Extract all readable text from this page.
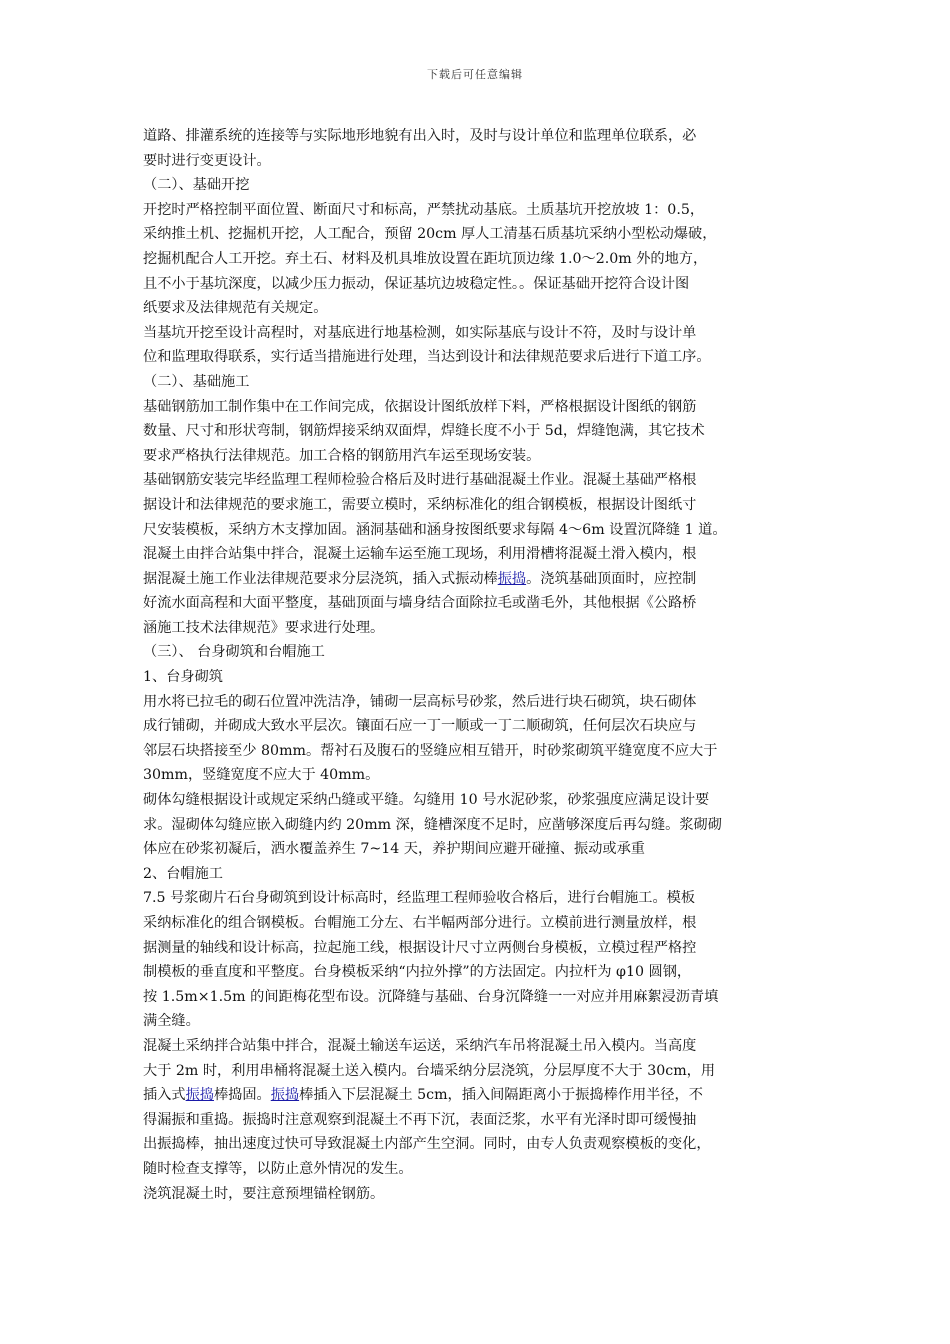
下载后可任意编辑
道路、排灌系统的连接等与实际地形地貌有出入时，及时与设计单位和监理单位联系，必
要时进行变更设计。
（二）、基础开挖
开挖时严格控制平面位置、断面尺寸和标高，严禁扰动基底。土质基坑开挖放坡 1：0.5，
采纳推土机、挖掘机开挖，人工配合，预留 20cm 厚人工清基石质基坑采纳小型松动爆破，
挖掘机配合人工开挖。弃土石、材料及机具堆放设置在距坑顶边缘 1.0～2.0m 外的地方，
且不小于基坑深度，以减少压力振动，保证基坑边坡稳定性。。保证基础开挖符合设计图
纸要求及法律规范有关规定。
当基坑开挖至设计高程时，对基底进行地基检测，如实际基底与设计不符，及时与设计单
位和监理取得联系，实行适当措施进行处理，当达到设计和法律规范要求后进行下道工序。
（二）、基础施工
基础钢筋加工制作集中在工作间完成，依据设计图纸放样下料，严格根据设计图纸的钢筋
数量、尺寸和形状弯制，钢筋焊接采纳双面焊，焊缝长度不小于 5d，焊缝饱满，其它技术
要求严格执行法律规范。加工合格的钢筋用汽车运至现场安装。
基础钢筋安装完毕经监理工程师检验合格后及时进行基础混凝土作业。混凝土基础严格根
据设计和法律规范的要求施工，需要立模时，采纳标准化的组合钢模板，根据设计图纸寸
尺安装模板，采纳方木支撑加固。涵洞基础和涵身按图纸要求每隔 4～6m 设置沉降缝 1 道。
混凝土由拌合站集中拌合，混凝土运输车运至施工现场，利用滑槽将混凝土滑入模内，根
据混凝土施工作业法律规范要求分层浇筑，插入式振动棒振捣。浇筑基础顶面时，应控制
好流水面高程和大面平整度，基础顶面与墙身结合面除拉毛或凿毛外，其他根据《公路桥
涵施工技术法律规范》要求进行处理。
（三）、 台身砌筑和台帽施工
1、台身砌筑
用水将已拉毛的砌石位置冲洗洁净，铺砌一层高标号砂浆，然后进行块石砌筑，块石砌体
成行铺砌，并砌成大致水平层次。镶面石应一丁一顺或一丁二顺砌筑，任何层次石块应与
邻层石块搭接至少 80mm。帮衬石及腹石的竖缝应相互错开，时砂浆砌筑平缝宽度不应大于
30mm，竖缝宽度不应大于 40mm。
砌体勾缝根据设计或规定采纳凸缝或平缝。勾缝用 10 号水泥砂浆，砂浆强度应满足设计要
求。湿砌体勾缝应嵌入砌缝内约 20mm 深，缝槽深度不足时，应凿够深度后再勾缝。浆砌砌
体应在砂浆初凝后，洒水覆盖养生 7~14 天，养护期间应避开碰撞、振动或承重
2、台帽施工
7.5 号浆砌片石台身砌筑到设计标高时，经监理工程师验收合格后，进行台帽施工。模板
采纳标准化的组合钢模板。台帽施工分左、右半幅两部分进行。立模前进行测量放样，根
据测量的轴线和设计标高，拉起施工线，根据设计尺寸立两侧台身模板，立模过程严格控
制模板的垂直度和平整度。台身模板采纳“内拉外撑”的方法固定。内拉杆为 φ10 圆钢，
按 1.5m×1.5m 的间距梅花型布设。沉降缝与基础、台身沉降缝一一对应并用麻絮浸沥青填
满全缝。
混凝土采纳拌合站集中拌合，混凝土输送车运送，采纳汽车吊将混凝土吊入模内。当高度
大于 2m 时，利用串桶将混凝土送入模内。台墙采纳分层浇筑，分层厚度不大于 30cm，用
插入式振捣棒捣固。振捣棒插入下层混凝土 5cm，插入间隔距离小于振捣棒作用半径，不
得漏振和重捣。振捣时注意观察到混凝土不再下沉，表面泛浆，水平有光泽时即可缓慢抽
出振捣棒，抽出速度过快可导致混凝土内部产生空洞。同时，由专人负责观察模板的变化，
随时检查支撑等，以防止意外情况的发生。
浇筑混凝土时，要注意预埋锚栓钢筋。
